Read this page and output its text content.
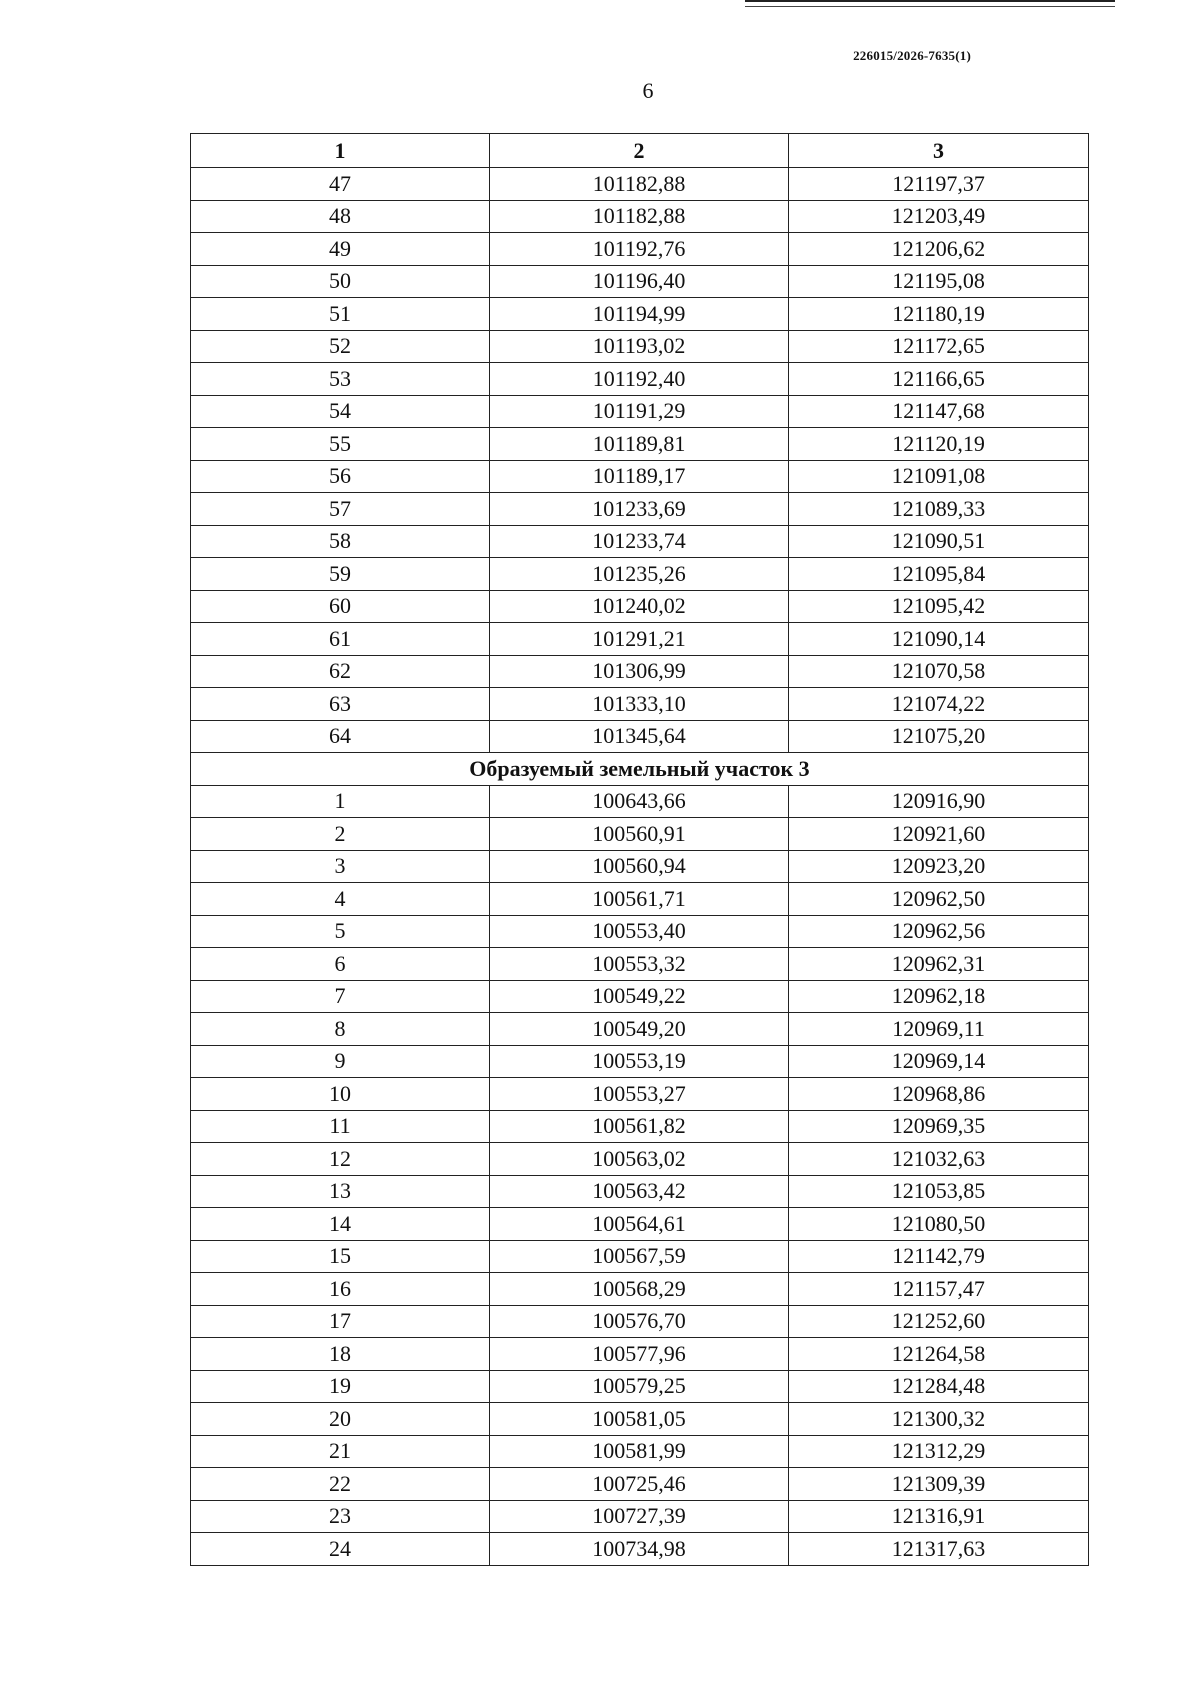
226015/2026-7635(1)
6
1	2	3
47	101182,88	121197,37
48	101182,88	121203,49
49	101192,76	121206,62
50	101196,40	121195,08
51	101194,99	121180,19
52	101193,02	121172,65
53	101192,40	121166,65
54	101191,29	121147,68
55	101189,81	121120,19
56	101189,17	121091,08
57	101233,69	121089,33
58	101233,74	121090,51
59	101235,26	121095,84
60	101240,02	121095,42
61	101291,21	121090,14
62	101306,99	121070,58
63	101333,10	121074,22
64	101345,64	121075,20
Образуемый земельный участок 3		
1	100643,66	120916,90
2	100560,91	120921,60
3	100560,94	120923,20
4	100561,71	120962,50
5	100553,40	120962,56
6	100553,32	120962,31
7	100549,22	120962,18
8	100549,20	120969,11
9	100553,19	120969,14
10	100553,27	120968,86
11	100561,82	120969,35
12	100563,02	121032,63
13	100563,42	121053,85
14	100564,61	121080,50
15	100567,59	121142,79
16	100568,29	121157,47
17	100576,70	121252,60
18	100577,96	121264,58
19	100579,25	121284,48
20	100581,05	121300,32
21	100581,99	121312,29
22	100725,46	121309,39
23	100727,39	121316,91
24	100734,98	121317,63
